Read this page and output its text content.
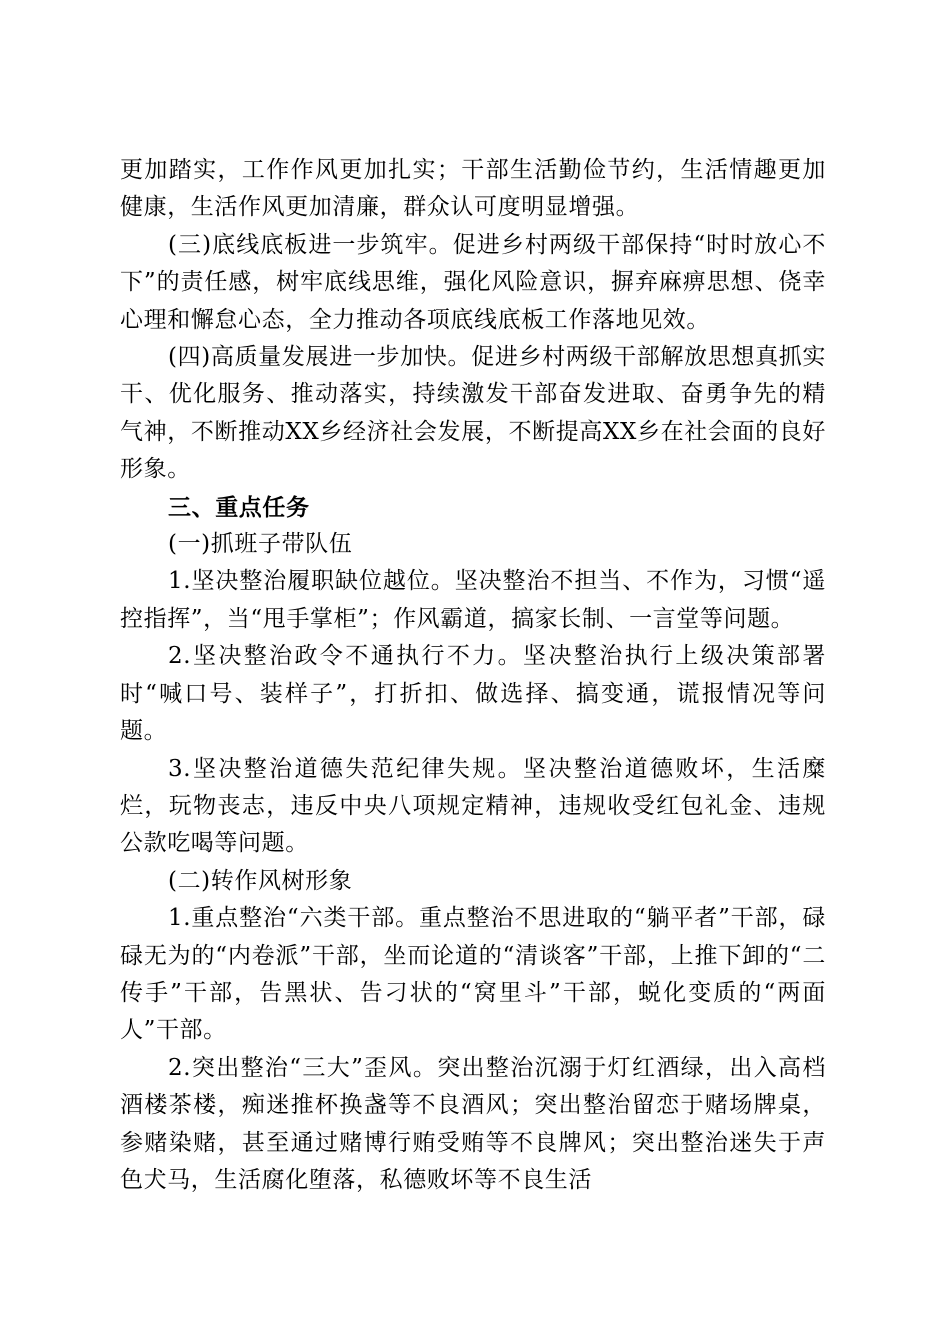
更加踏实，工作作风更加扎实；干部生活勤俭节约，生活情趣更加健康，生活作风更加清廉，群众认可度明显增强。

(三)底线底板进一步筑牢。促进乡村两级干部保持“时时放心不下”的责任感，树牢底线思维，强化风险意识，摒弃麻痹思想、侥幸心理和懈怠心态，全力推动各项底线底板工作落地见效。

(四)高质量发展进一步加快。促进乡村两级干部解放思想真抓实干、优化服务、推动落实，持续激发干部奋发进取、奋勇争先的精气神，不断推动XX乡经济社会发展，不断提高XX乡在社会面的良好形象。

三、重点任务

(一)抓班子带队伍

1.坚决整治履职缺位越位。坚决整治不担当、不作为，习惯“遥控指挥”，当“甩手掌柜”；作风霸道，搞家长制、一言堂等问题。

2.坚决整治政令不通执行不力。坚决整治执行上级决策部署时“喊口号、装样子”，打折扣、做选择、搞变通，谎报情况等问题。

3.坚决整治道德失范纪律失规。坚决整治道德败坏，生活糜烂，玩物丧志，违反中央八项规定精神，违规收受红包礼金、违规公款吃喝等问题。

(二)转作风树形象

1.重点整治“六类干部。重点整治不思进取的“躺平者”干部，碌碌无为的“内卷派”干部，坐而论道的“清谈客”干部，上推下卸的“二传手”干部，告黑状、告刁状的“窝里斗”干部，蜕化变质的“两面人”干部。

2.突出整治“三大”歪风。突出整治沉溺于灯红酒绿，出入高档酒楼茶楼，痴迷推杯换盏等不良酒风；突出整治留恋于赌场牌桌，参赌染赌，甚至通过赌博行贿受贿等不良牌风；突出整治迷失于声色犬马，生活腐化堕落，私德败坏等不良生活
